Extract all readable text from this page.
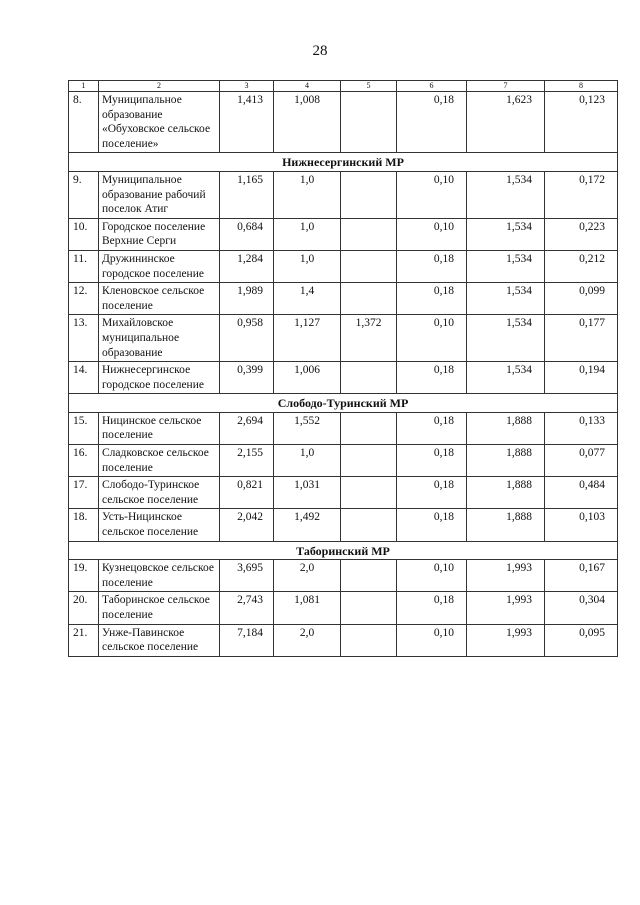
28
1	2	3	4	5	6	7	8
8.	Муниципальное образование «Обуховское сельское поселение»	1,413	1,008		0,18	1,623	0,123
Нижнесергинский МР							
9.	Муниципальное образование рабочий поселок Атиг	1,165	1,0		0,10	1,534	0,172
10.	Городское поселение Верхние Серги	0,684	1,0		0,10	1,534	0,223
11.	Дружининское городское поселение	1,284	1,0		0,18	1,534	0,212
12.	Кленовское сельское поселение	1,989	1,4		0,18	1,534	0,099
13.	Михайловское муниципальное образование	0,958	1,127	1,372	0,10	1,534	0,177
14.	Нижнесергинское городское поселение	0,399	1,006		0,18	1,534	0,194
Слободо-Туринский МР							
15.	Ницинское сельское поселение	2,694	1,552		0,18	1,888	0,133
16.	Сладковское сельское поселение	2,155	1,0		0,18	1,888	0,077
17.	Слободо-Туринское сельское поселение	0,821	1,031		0,18	1,888	0,484
18.	Усть-Ницинское сельское поселение	2,042	1,492		0,18	1,888	0,103
Таборинский МР							
19.	Кузнецовское сельское поселение	3,695	2,0		0,10	1,993	0,167
20.	Таборинское сельское поселение	2,743	1,081		0,18	1,993	0,304
21.	Унже-Павинское сельское поселение	7,184	2,0		0,10	1,993	0,095
